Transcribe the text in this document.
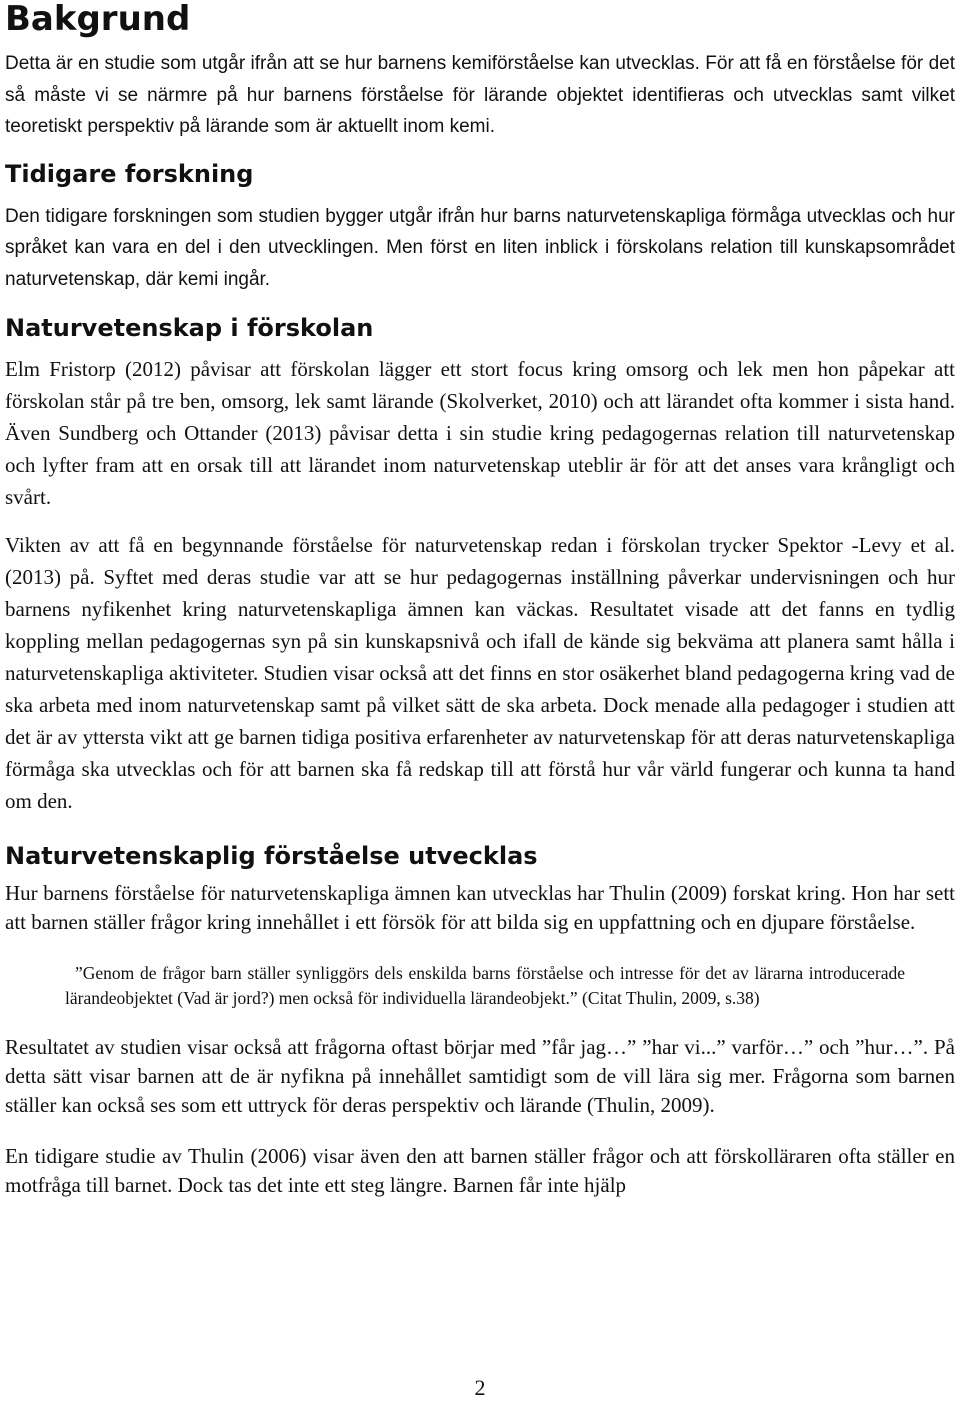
Bakgrund

Detta är en studie som utgår ifrån att se hur barnens kemiförståelse kan utvecklas. För att få en förståelse för det så måste vi se närmre på hur barnens förståelse för lärande objektet identifieras och utvecklas samt vilket teoretiskt perspektiv på lärande som är aktuellt inom kemi.

Tidigare forskning

Den tidigare forskningen som studien bygger utgår ifrån hur barns naturvetenskapliga förmåga utvecklas och hur språket kan vara en del i den utvecklingen. Men först en liten inblick i förskolans relation till kunskapsområdet naturvetenskap, där kemi ingår.

Naturvetenskap i förskolan

Elm Fristorp (2012) påvisar att förskolan lägger ett stort focus kring omsorg och lek men hon påpekar att förskolan står på tre ben, omsorg, lek samt lärande (Skolverket, 2010) och att lärandet ofta kommer i sista hand. Även Sundberg och Ottander (2013) påvisar detta i sin studie kring pedagogernas relation till naturvetenskap och lyfter fram att en orsak till att lärandet inom naturvetenskap uteblir är för att det anses vara krångligt och svårt.

Vikten av att få en begynnande förståelse för naturvetenskap redan i förskolan trycker Spektor -Levy et al. (2013) på. Syftet med deras studie var att se hur pedagogernas inställning påverkar undervisningen och hur barnens nyfikenhet kring naturvetenskapliga ämnen kan väckas. Resultatet visade att det fanns en tydlig koppling mellan pedagogernas syn på sin kunskapsnivå och ifall de kände sig bekväma att planera samt hålla i naturvetenskapliga aktiviteter. Studien visar också att det finns en stor osäkerhet bland pedagogerna kring vad de ska arbeta med inom naturvetenskap samt på vilket sätt de ska arbeta. Dock menade alla pedagoger i studien att det är av yttersta vikt att ge barnen tidiga positiva erfarenheter av naturvetenskap för att deras naturvetenskapliga förmåga ska utvecklas och för att barnen ska få redskap till att förstå hur vår värld fungerar och kunna ta hand om den.

Naturvetenskaplig förståelse utvecklas

Hur barnens förståelse för naturvetenskapliga ämnen kan utvecklas har Thulin (2009) forskat kring. Hon har sett att barnen ställer frågor kring innehållet i ett försök för att bilda sig en uppfattning och en djupare förståelse.

”Genom de frågor barn ställer synliggörs dels enskilda barns förståelse och intresse för det av lärarna introducerade lärandeobjektet (Vad är jord?) men också för individuella lärandeobjekt.” (Citat Thulin, 2009, s.38)

Resultatet av studien visar också att frågorna oftast börjar med ”får jag…” ”har vi...” varför…” och ”hur…”. På detta sätt visar barnen att de är nyfikna på innehållet samtidigt som de vill lära sig mer. Frågorna som barnen ställer kan också ses som ett uttryck för deras perspektiv och lärande (Thulin, 2009).

En tidigare studie av Thulin (2006) visar även den att barnen ställer frågor och att förskolläraren ofta ställer en motfråga till barnet. Dock tas det inte ett steg längre. Barnen får inte hjälp

2
